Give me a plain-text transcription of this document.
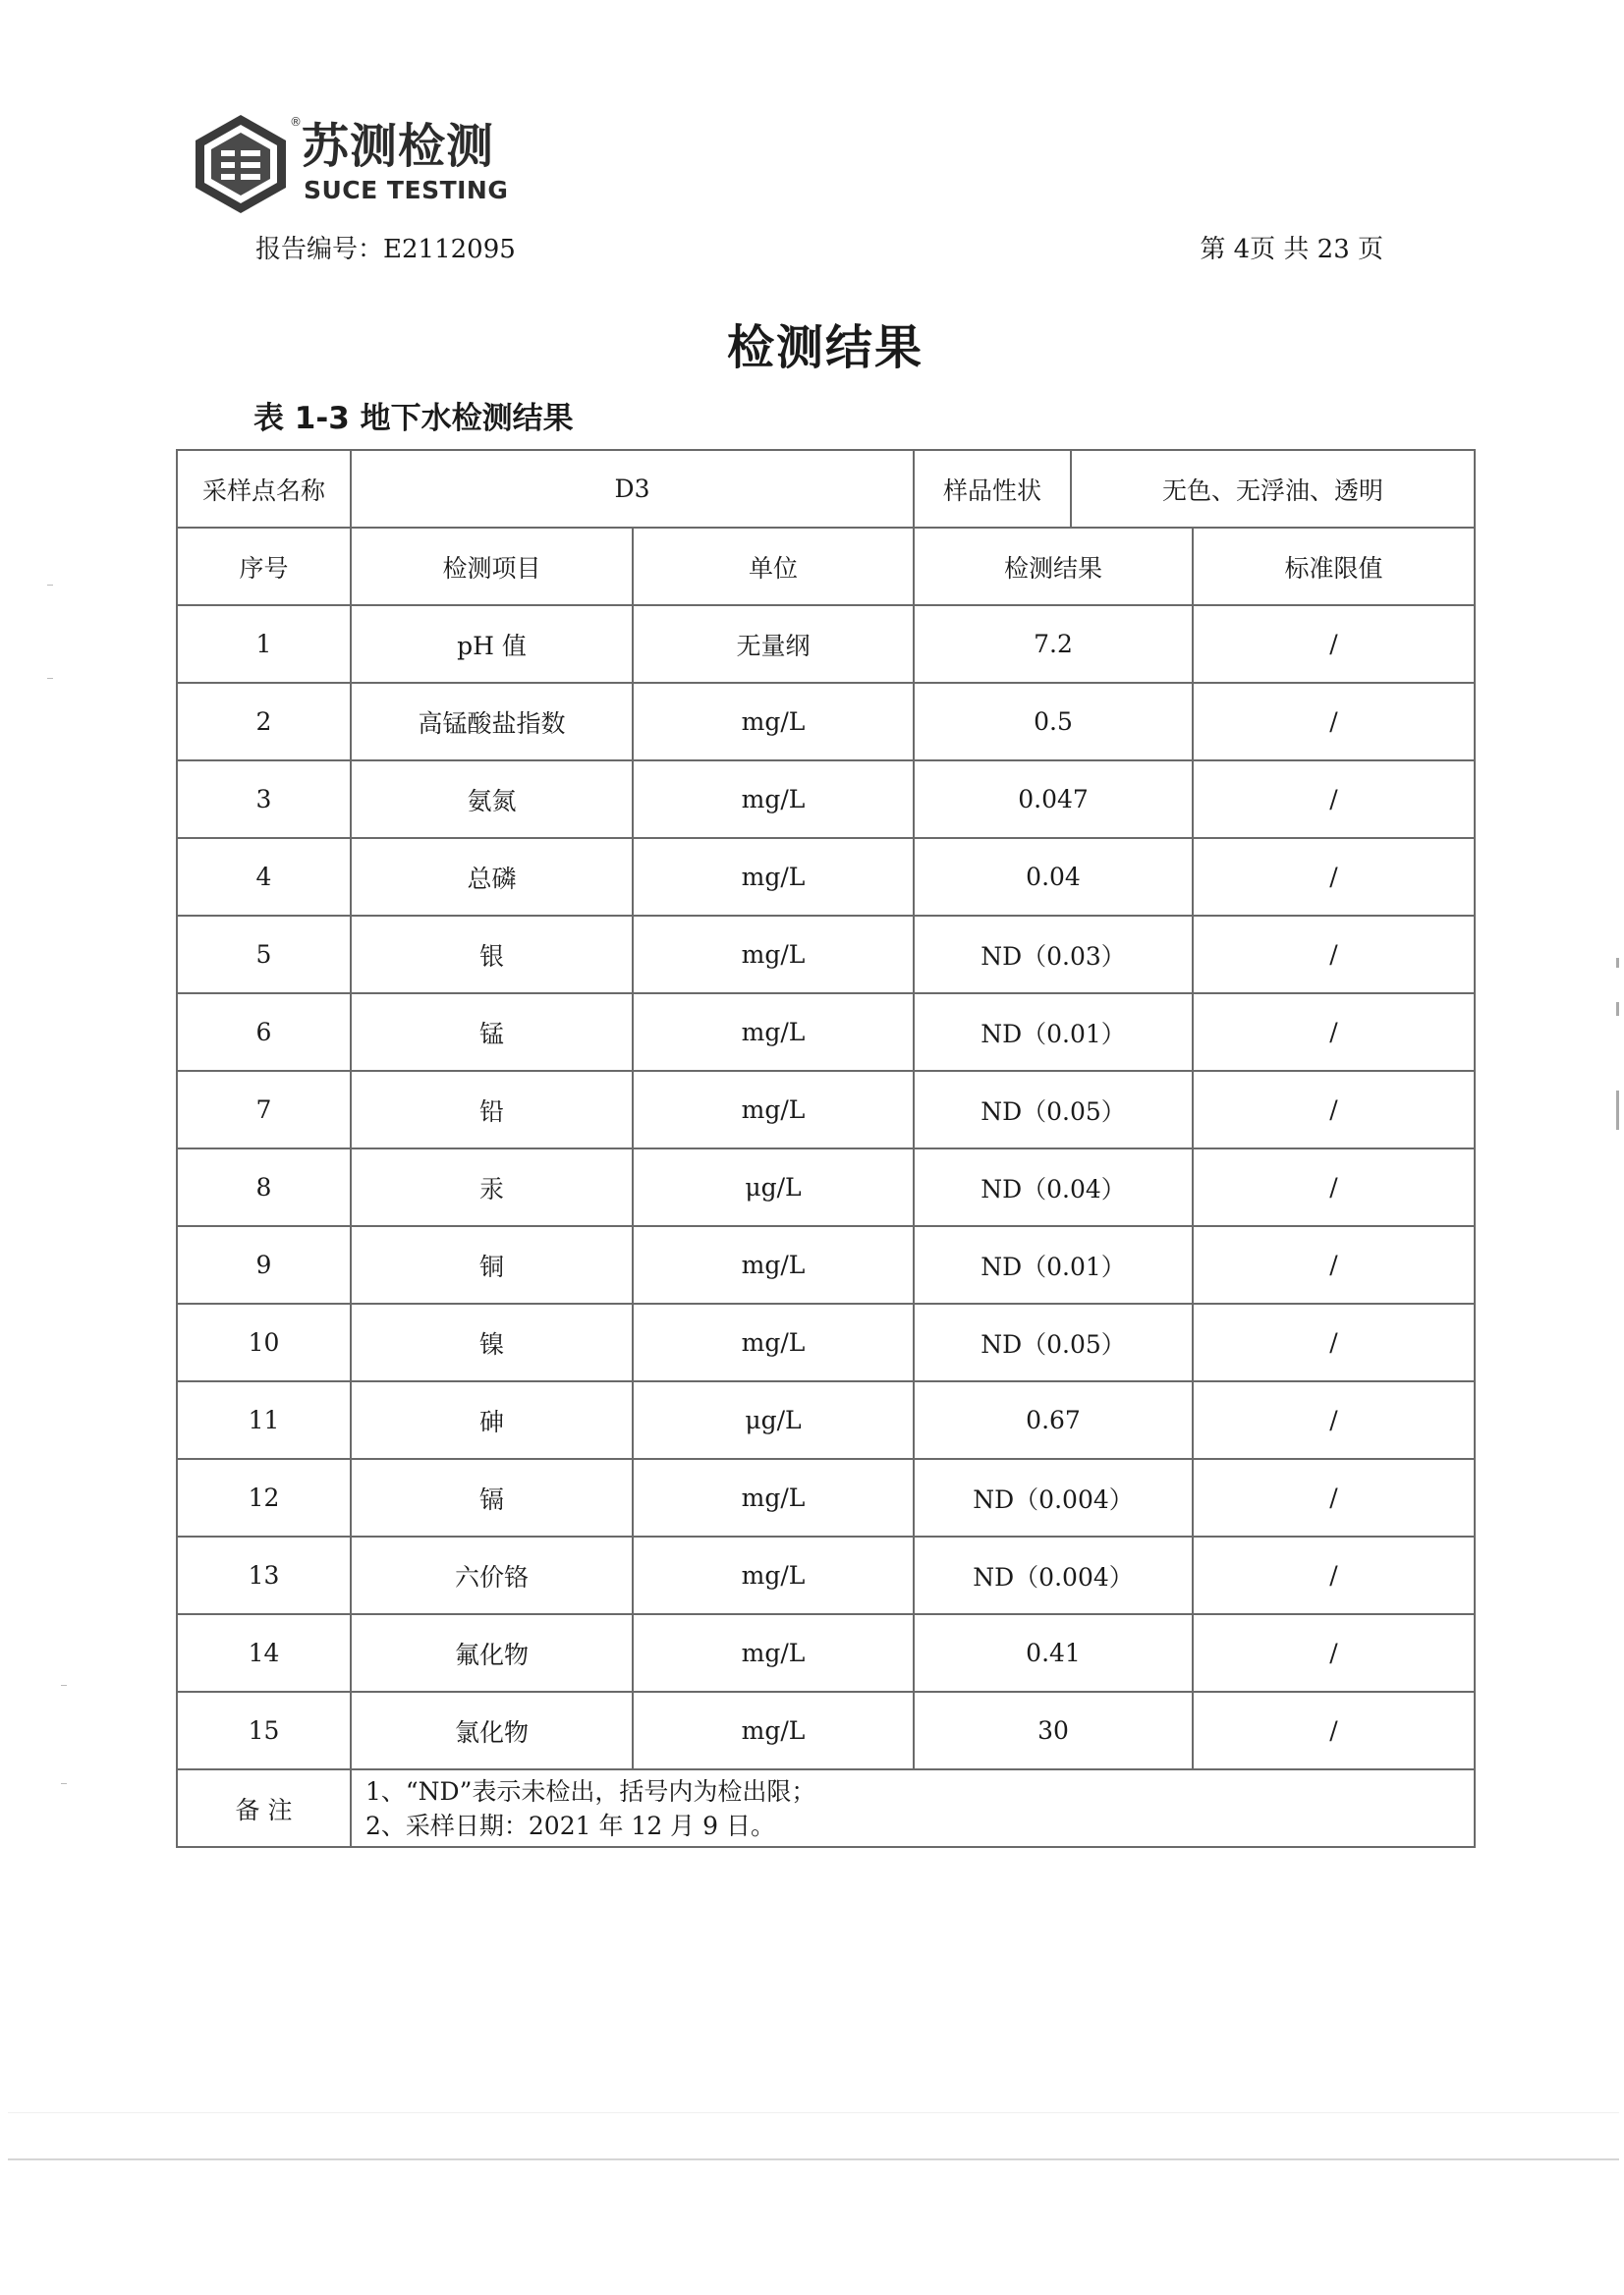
® 苏测检测
SUCE TESTING
报告编号：E2112095	第 4页 共 23 页
检测结果
表 1-3 地下水检测结果
采样点名称	D3		样品性状	无色、无浮油、透明	
序号	检测项目	单位	检测结果		标准限值
1	pH 值	无量纲	7.2		/
2	高锰酸盐指数	mg/L	0.5		/
3	氨氮	mg/L	0.047		/
4	总磷	mg/L	0.04		/
5	银	mg/L	ND（0.03）		/
6	锰	mg/L	ND（0.01）		/
7	铅	mg/L	ND（0.05）		/
8	汞	μg/L	ND（0.04）		/
9	铜	mg/L	ND（0.01）		/
10	镍	mg/L	ND（0.05）		/
11	砷	μg/L	0.67		/
12	镉	mg/L	ND（0.004）		/
13	六价铬	mg/L	ND（0.004）		/
14	氟化物	mg/L	0.41		/
15	氯化物	mg/L	30		/
备 注	1、“ND”表示未检出，括号内为检出限；
2、采样日期：2021 年 12 月 9 日。				
